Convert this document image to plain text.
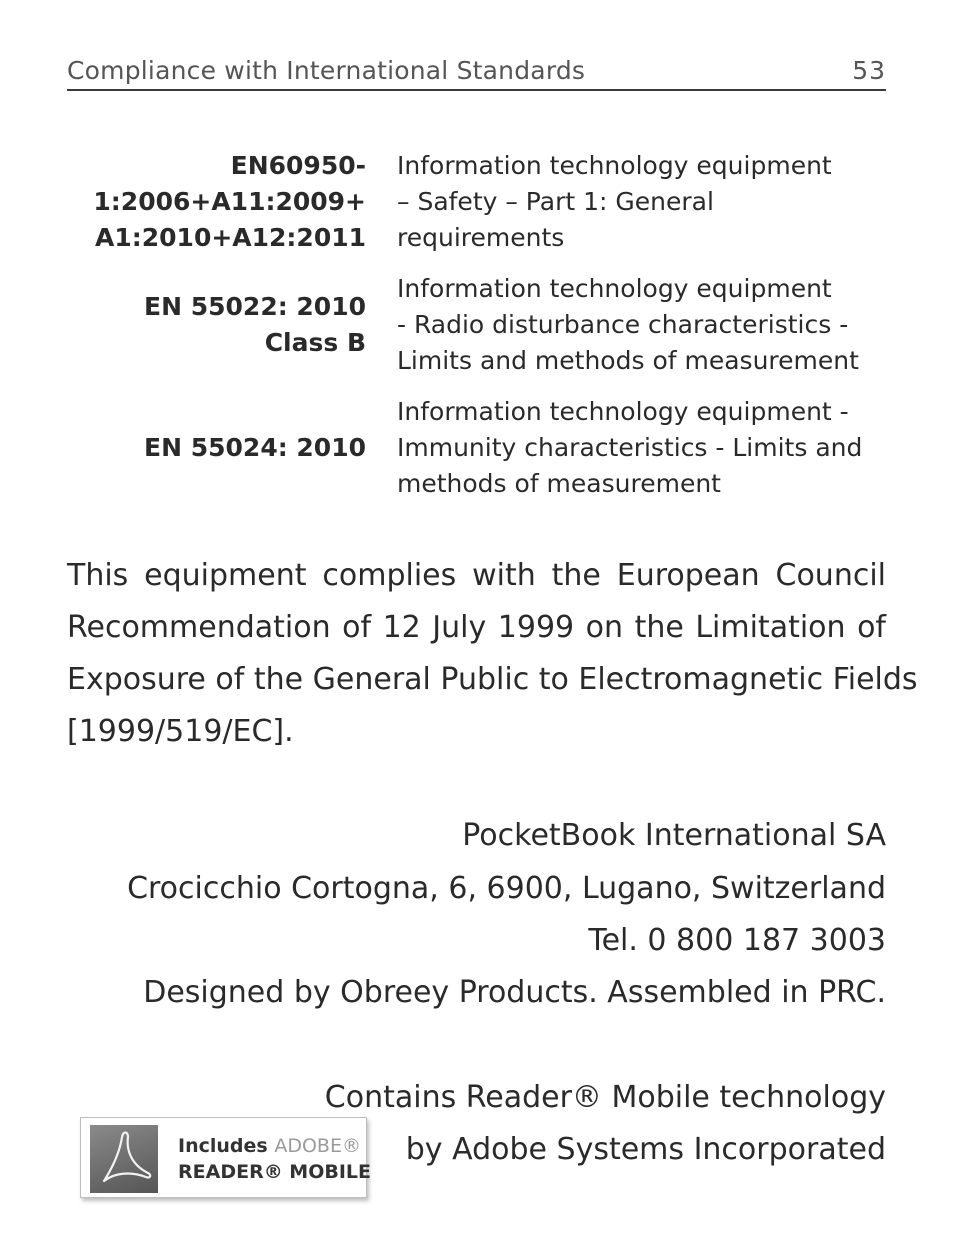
Compliance with International Standards	53
EN60950-
1:2006+A11:2009+
A1:2010+A12:2011
Information technology equipment
– Safety – Part 1: General
requirements
EN 55022: 2010
Class B
Information technology equipment
- Radio disturbance characteristics -
Limits and methods of measurement
EN 55024: 2010
Information technology equipment -
Immunity characteristics - Limits and
methods of measurement
This equipment complies with the European Council
Recommendation of 12 July 1999 on the Limitation of
Exposure of the General Public to Electromagnetic Fields
[1999/519/EC].
PocketBook International SA
Crocicchio Cortogna, 6, 6900, Lugano, Switzerland
Tel. 0 800 187 3003
Designed by Obreey Products. Assembled in PRC.
Contains Reader® Mobile technology
by Adobe Systems Incorporated
Includes ADOBE®
READER® MOBILE
